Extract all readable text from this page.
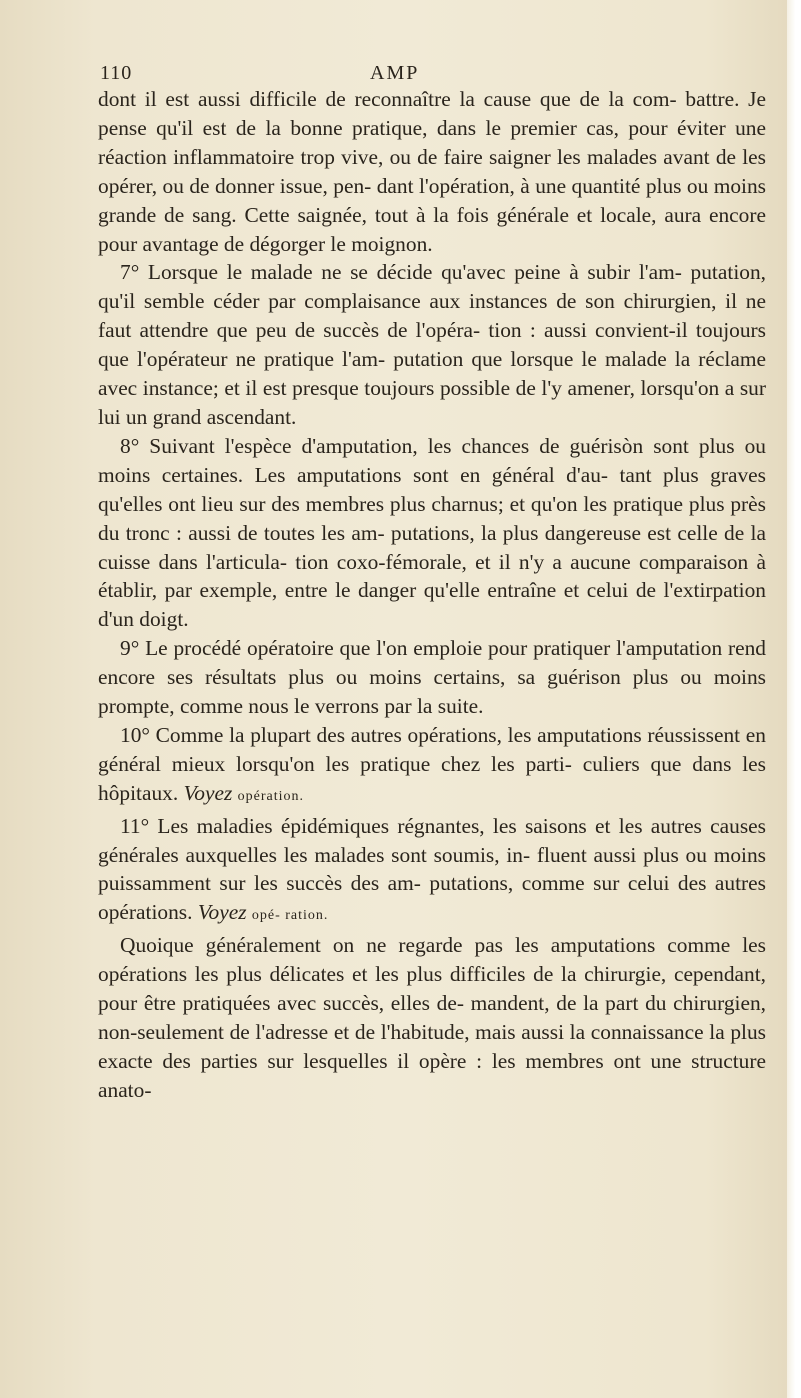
110	AMP

dont il est aussi difficile de reconnaître la cause que de la com- battre. Je pense qu'il est de la bonne pratique, dans le premier cas, pour éviter une réaction inflammatoire trop vive, ou de faire saigner les malades avant de les opérer, ou de donner issue, pen- dant l'opération, à une quantité plus ou moins grande de sang. Cette saignée, tout à la fois générale et locale, aura encore pour avantage de dégorger le moignon.

7° Lorsque le malade ne se décide qu'avec peine à subir l'am- putation, qu'il semble céder par complaisance aux instances de son chirurgien, il ne faut attendre que peu de succès de l'opéra- tion : aussi convient-il toujours que l'opérateur ne pratique l'am- putation que lorsque le malade la réclame avec instance; et il est presque toujours possible de l'y amener, lorsqu'on a sur lui un grand ascendant.

8° Suivant l'espèce d'amputation, les chances de guérisòn sont plus ou moins certaines. Les amputations sont en général d'au- tant plus graves qu'elles ont lieu sur des membres plus charnus; et qu'on les pratique plus près du tronc : aussi de toutes les am- putations, la plus dangereuse est celle de la cuisse dans l'articula- tion coxo-fémorale, et il n'y a aucune comparaison à établir, par exemple, entre le danger qu'elle entraîne et celui de l'extirpation d'un doigt.

9° Le procédé opératoire que l'on emploie pour pratiquer l'amputation rend encore ses résultats plus ou moins certains, sa guérison plus ou moins prompte, comme nous le verrons par la suite.

10° Comme la plupart des autres opérations, les amputations réussissent en général mieux lorsqu'on les pratique chez les parti- culiers que dans les hôpitaux. Voyez opération.

11° Les maladies épidémiques régnantes, les saisons et les autres causes générales auxquelles les malades sont soumis, in- fluent aussi plus ou moins puissamment sur les succès des am- putations, comme sur celui des autres opérations. Voyez opé- ration.

Quoique généralement on ne regarde pas les amputations comme les opérations les plus délicates et les plus difficiles de la chirurgie, cependant, pour être pratiquées avec succès, elles de- mandent, de la part du chirurgien, non-seulement de l'adresse et de l'habitude, mais aussi la connaissance la plus exacte des parties sur lesquelles il opère : les membres ont une structure anato-
